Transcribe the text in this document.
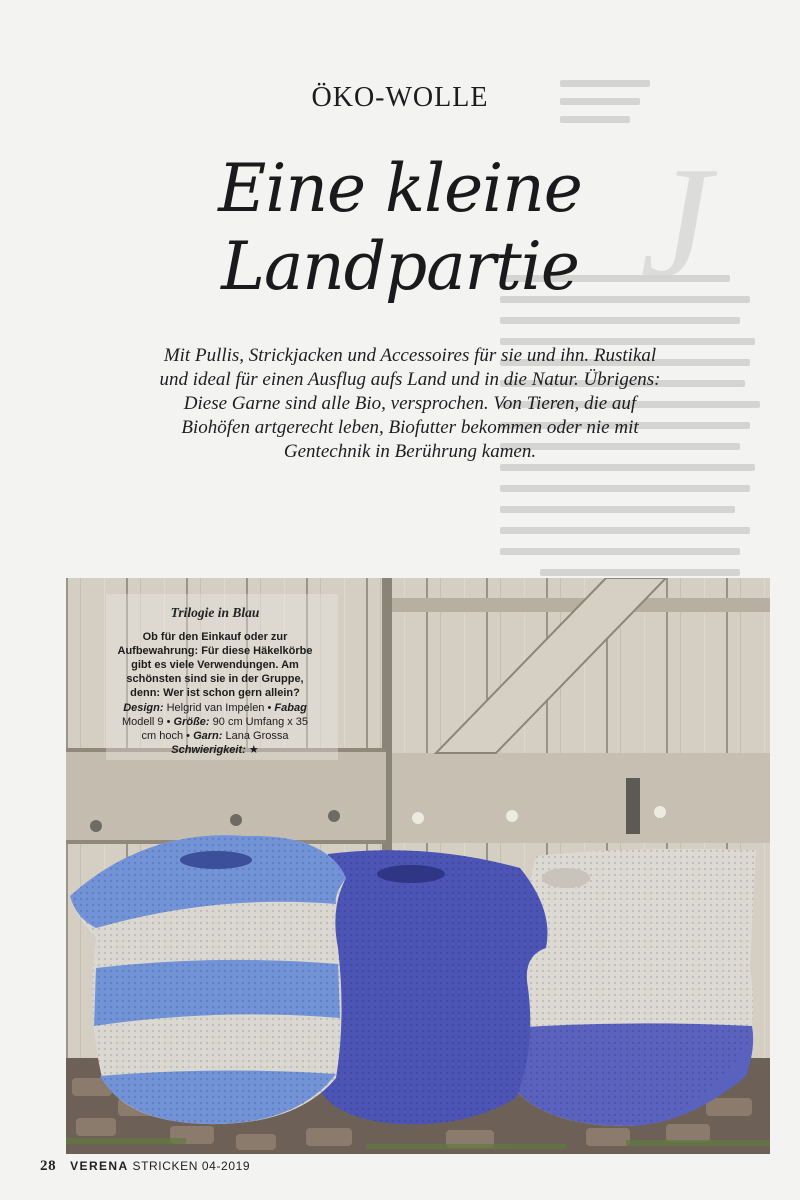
J
ÖKO-WOLLE
Eine kleine
Landpartie
Mit Pullis, Strickjacken und Accessoires für sie und ihn. Rustikal und ideal für einen Ausflug aufs Land und in die Natur. Übrigens: Diese Garne sind alle Bio, versprochen. Von Tieren, die auf Biohöfen artgerecht leben, Biofutter bekommen oder nie mit Gentechnik in Berührung kamen.
Trilogie in Blau
Ob für den Einkauf oder zur Aufbewahrung: Für diese Häkelkörbe gibt es viele Verwendungen. Am schönsten sind sie in der Gruppe, denn: Wer ist schon gern allein?
Design: Helgrid van Impelen • Fabag Modell 9 • Größe: 90 cm Umfang x 35 cm hoch • Garn: Lana Grossa
Schwierigkeit: ★
28 VERENA STRICKEN 04-2019
